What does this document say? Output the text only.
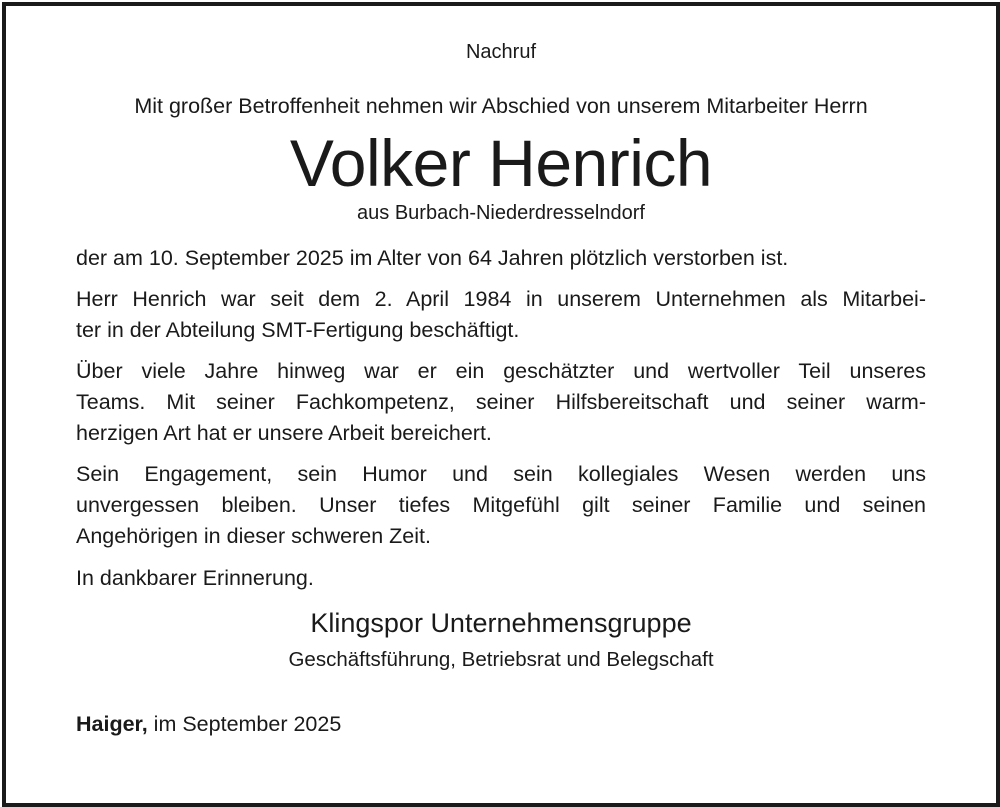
Nachruf
Mit großer Betroffenheit nehmen wir Abschied von unserem Mitarbeiter Herrn
Volker Henrich
aus Burbach-Niederdresselndorf
der am 10. September 2025 im Alter von 64 Jahren plötzlich verstorben ist.
Herr Henrich war seit dem 2. April 1984 in unserem Unternehmen als Mitarbei-
ter in der Abteilung SMT-Fertigung beschäftigt.
Über viele Jahre hinweg war er ein geschätzter und wertvoller Teil unseres
Teams. Mit seiner Fachkompetenz, seiner Hilfsbereitschaft und seiner warm-
herzigen Art hat er unsere Arbeit bereichert.
Sein Engagement, sein Humor und sein kollegiales Wesen werden uns
unvergessen bleiben. Unser tiefes Mitgefühl gilt seiner Familie und seinen
Angehörigen in dieser schweren Zeit.
In dankbarer Erinnerung.
Klingspor Unternehmensgruppe
Geschäftsführung, Betriebsrat und Belegschaft
Haiger, im September 2025
